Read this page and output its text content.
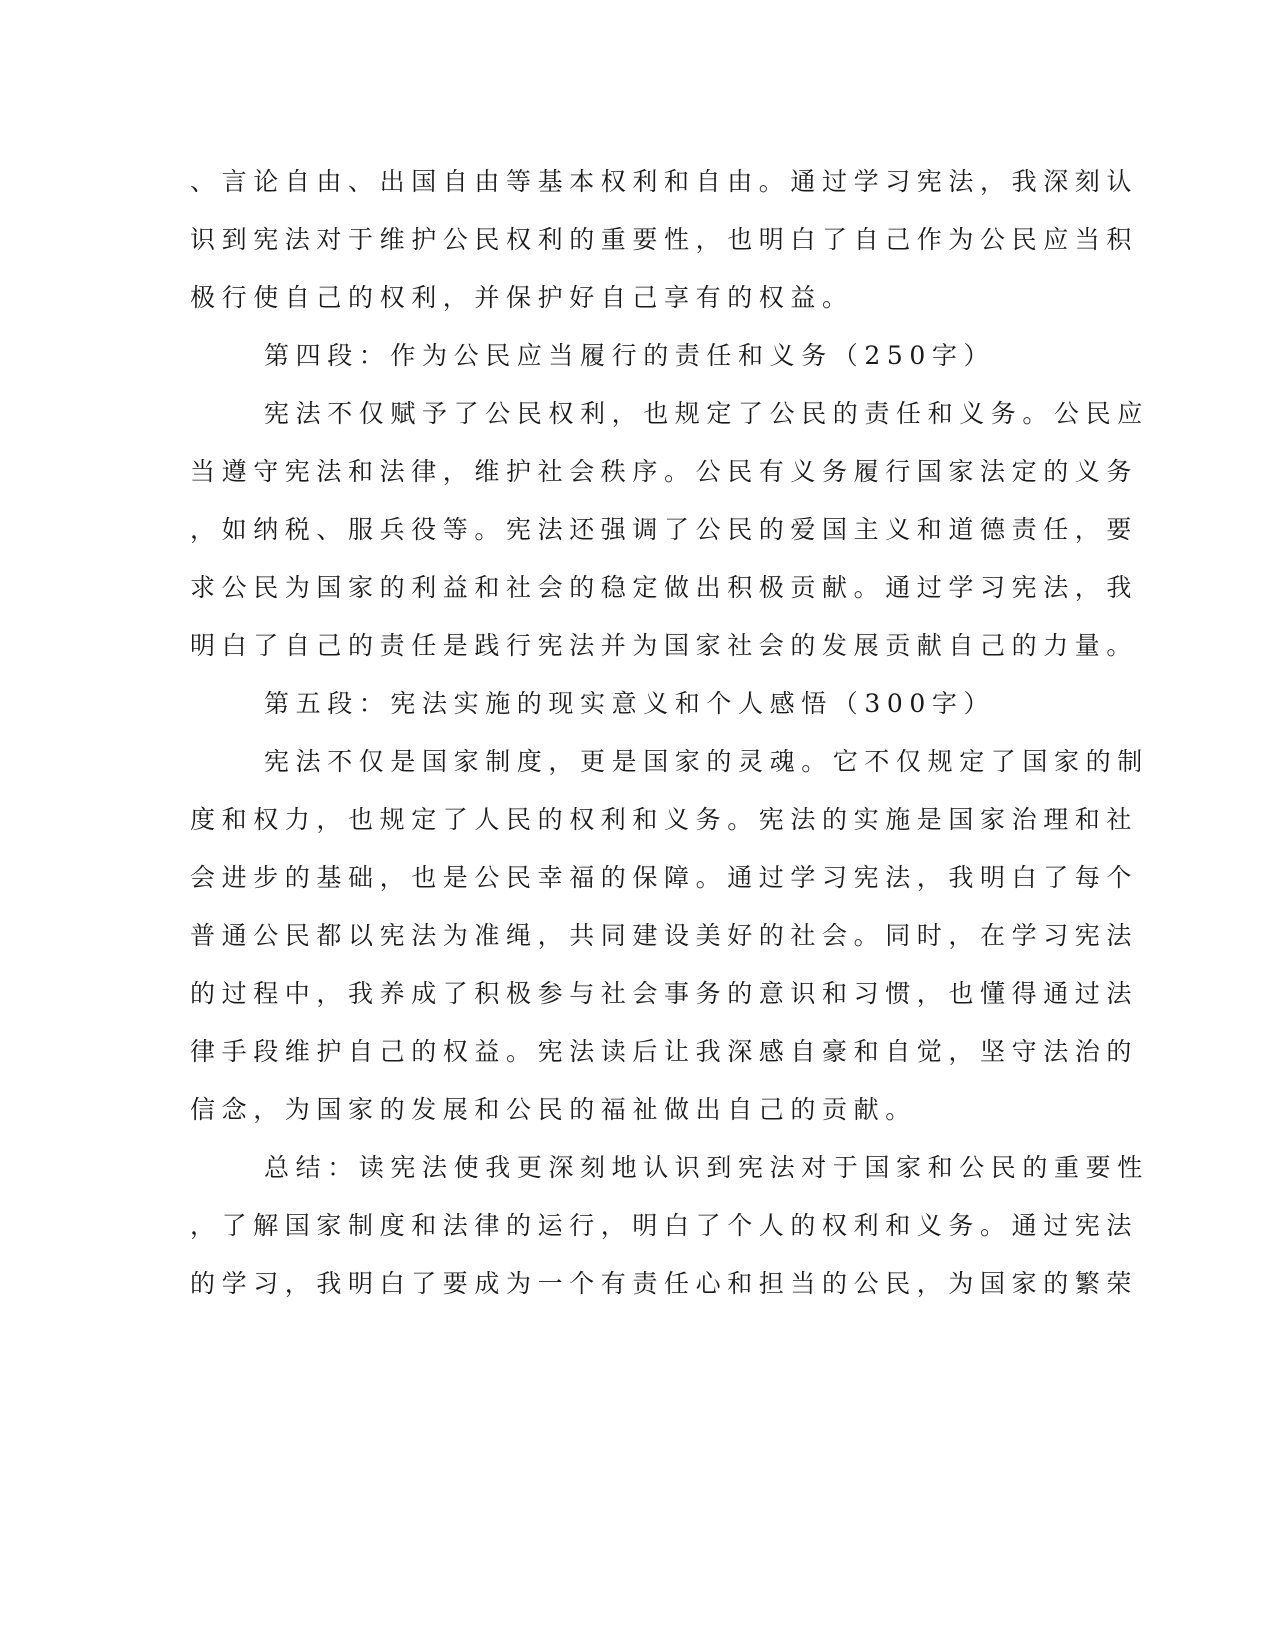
、言论自由、出国自由等基本权利和自由。通过学习宪法，我深刻认
识到宪法对于维护公民权利的重要性，也明白了自己作为公民应当积
极行使自己的权利，并保护好自己享有的权益。
第四段：作为公民应当履行的责任和义务（250字）
宪法不仅赋予了公民权利，也规定了公民的责任和义务。公民应
当遵守宪法和法律，维护社会秩序。公民有义务履行国家法定的义务
，如纳税、服兵役等。宪法还强调了公民的爱国主义和道德责任，要
求公民为国家的利益和社会的稳定做出积极贡献。通过学习宪法，我
明白了自己的责任是践行宪法并为国家社会的发展贡献自己的力量。
第五段：宪法实施的现实意义和个人感悟（300字）
宪法不仅是国家制度，更是国家的灵魂。它不仅规定了国家的制
度和权力，也规定了人民的权利和义务。宪法的实施是国家治理和社
会进步的基础，也是公民幸福的保障。通过学习宪法，我明白了每个
普通公民都以宪法为准绳，共同建设美好的社会。同时，在学习宪法
的过程中，我养成了积极参与社会事务的意识和习惯，也懂得通过法
律手段维护自己的权益。宪法读后让我深感自豪和自觉，坚守法治的
信念，为国家的发展和公民的福祉做出自己的贡献。
总结：读宪法使我更深刻地认识到宪法对于国家和公民的重要性
，了解国家制度和法律的运行，明白了个人的权利和义务。通过宪法
的学习，我明白了要成为一个有责任心和担当的公民，为国家的繁荣
